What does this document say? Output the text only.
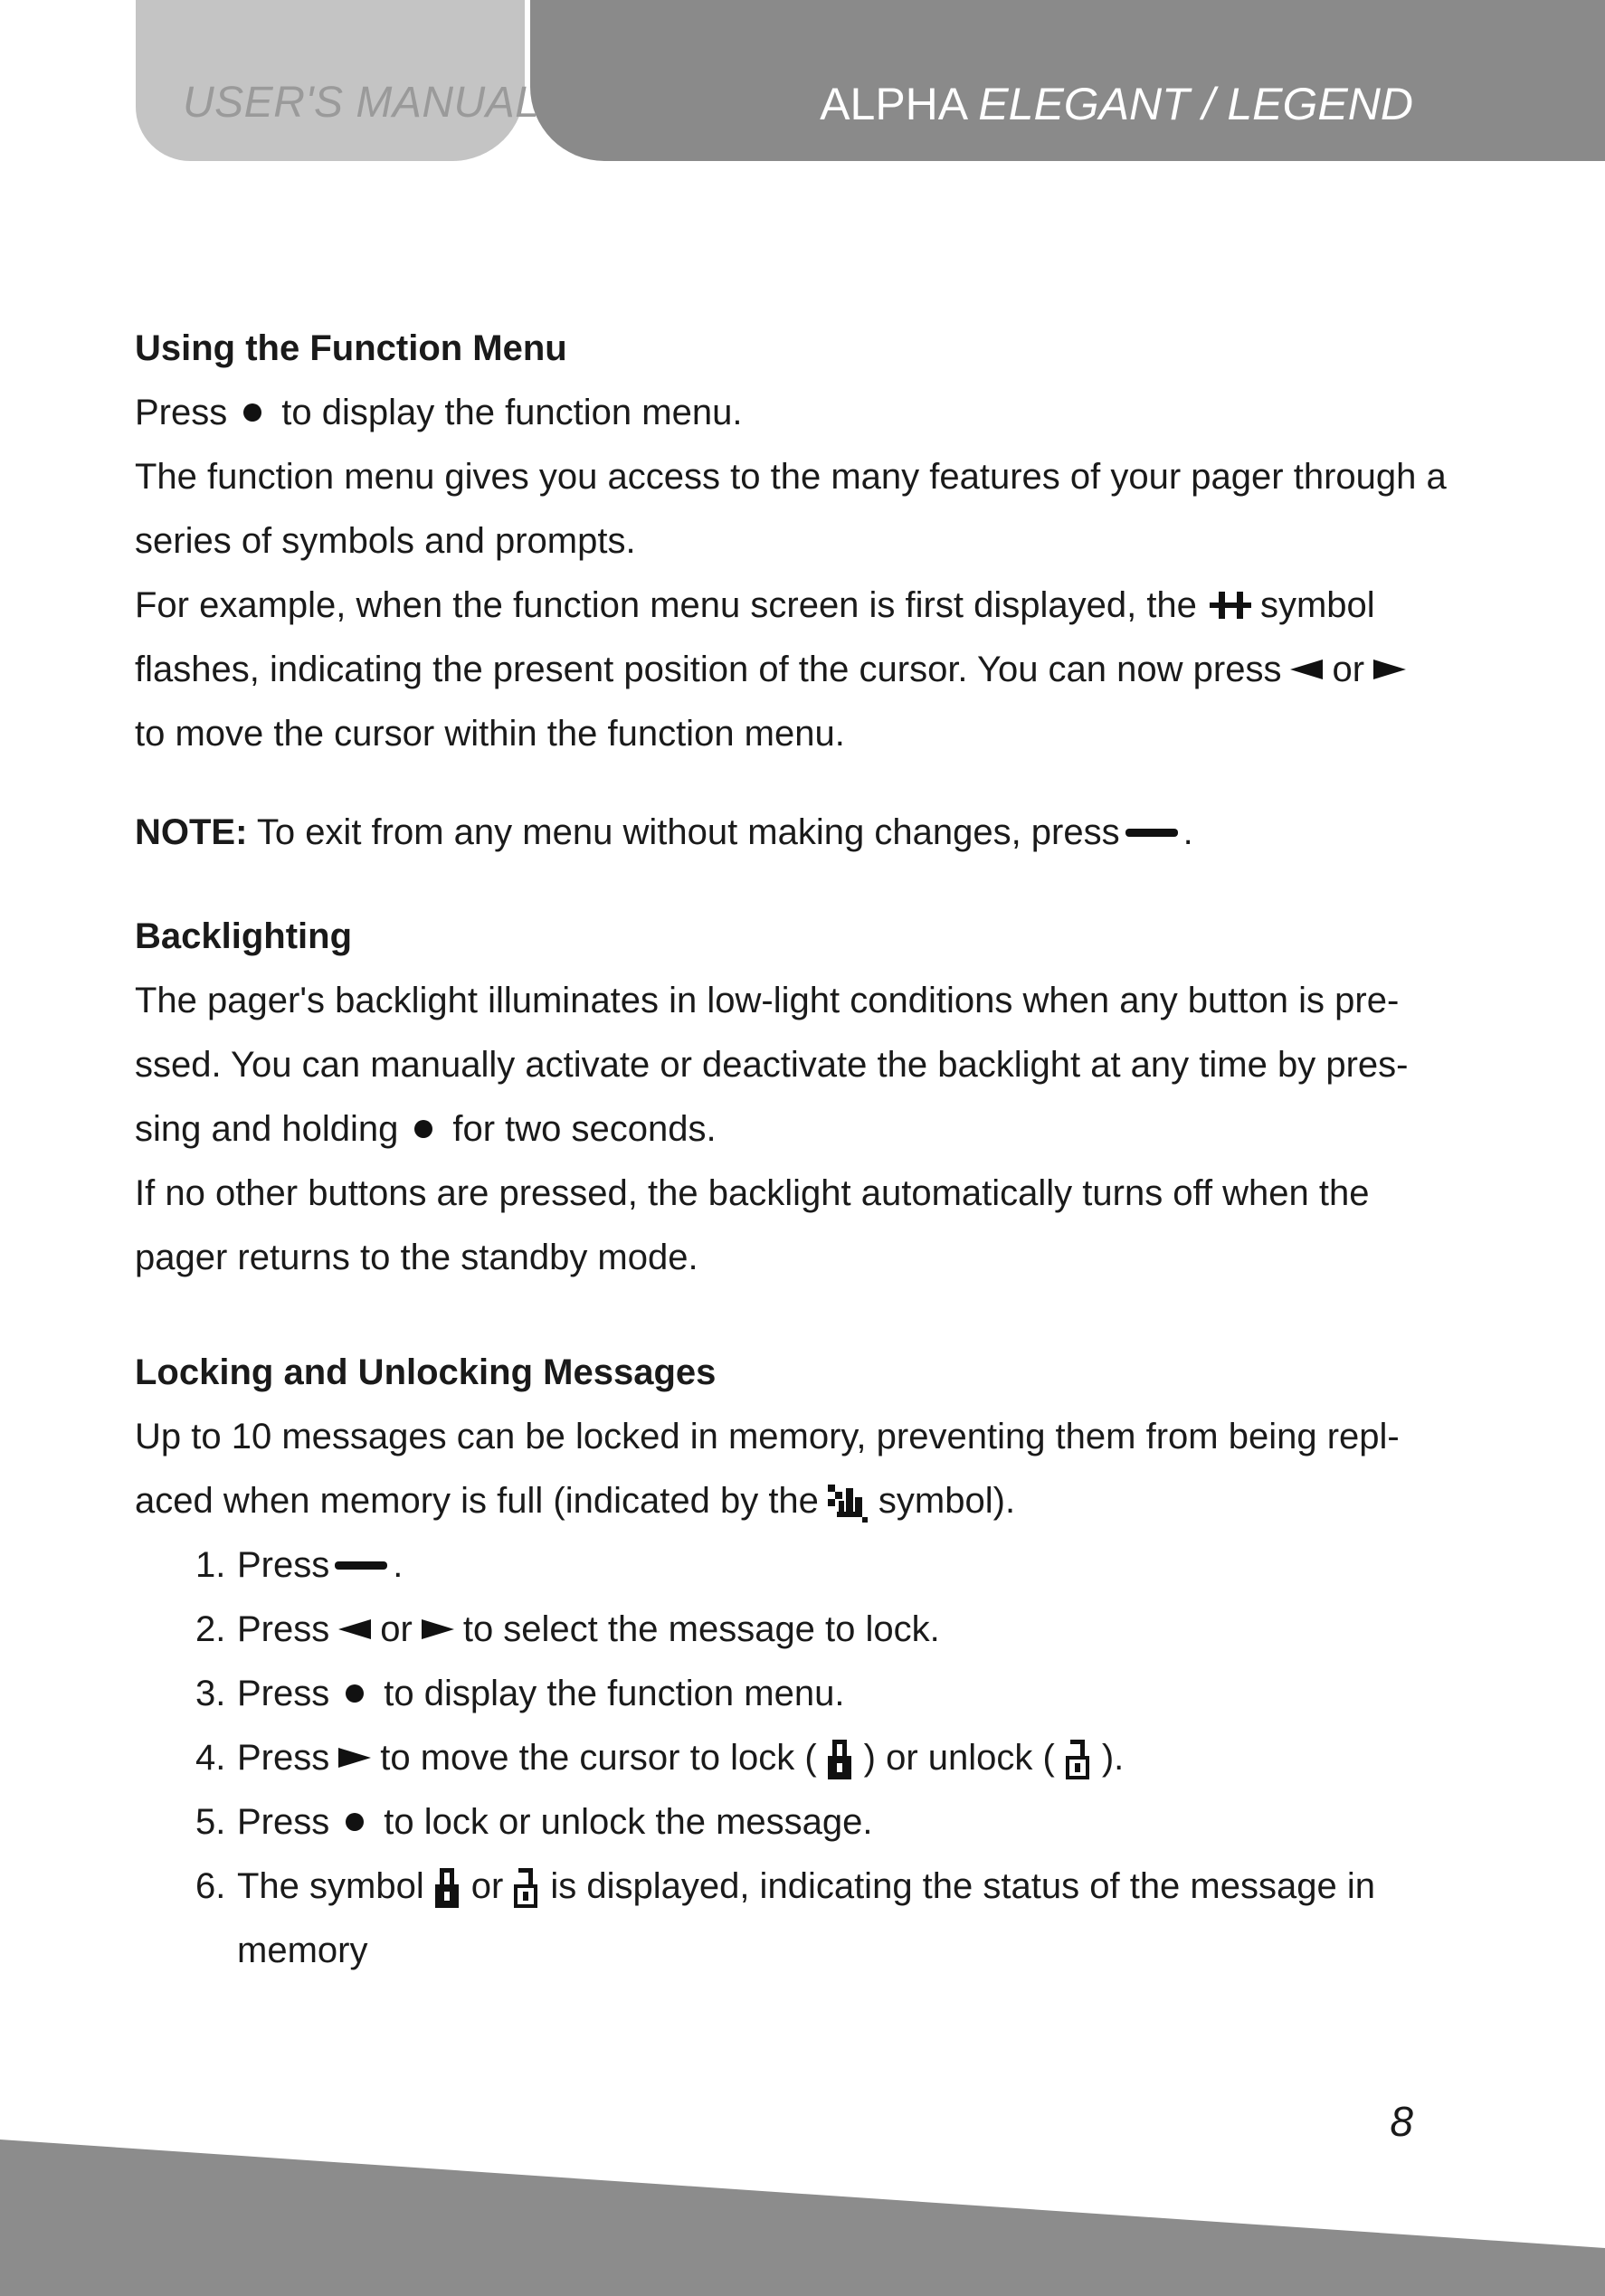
USER'S MANUAL	ALPHA ELEGANT / LEGEND

Using the Function Menu

Press to display the function menu.

The function menu gives you access to the many features of your pager through a series of symbols and prompts.

For example, when the function menu screen is first displayed, the symbol flashes, indicating the present position of the cursor. You can now press or
to move the cursor within the function menu.

NOTE: To exit from any menu without making changes, press .

Backlighting

The pager's backlight illuminates in low-light conditions when any button is pre-ssed. You can manually activate or deactivate the backlight at any time by pres-sing and holding for two seconds.

If no other buttons are pressed, the backlight automatically turns off when the pager returns to the standby mode.

Locking and Unlocking Messages

Up to 10 messages can be locked in memory, preventing them from being repl-aced when memory is full (indicated by the symbol).

1. Press .
2. Press or to select the message to lock.
3. Press to display the function menu.
4. Press to move the cursor to lock ( ) or unlock ( ).
5. Press to lock or unlock the message.
6. The symbol or is displayed, indicating the status of the message in memory
8
